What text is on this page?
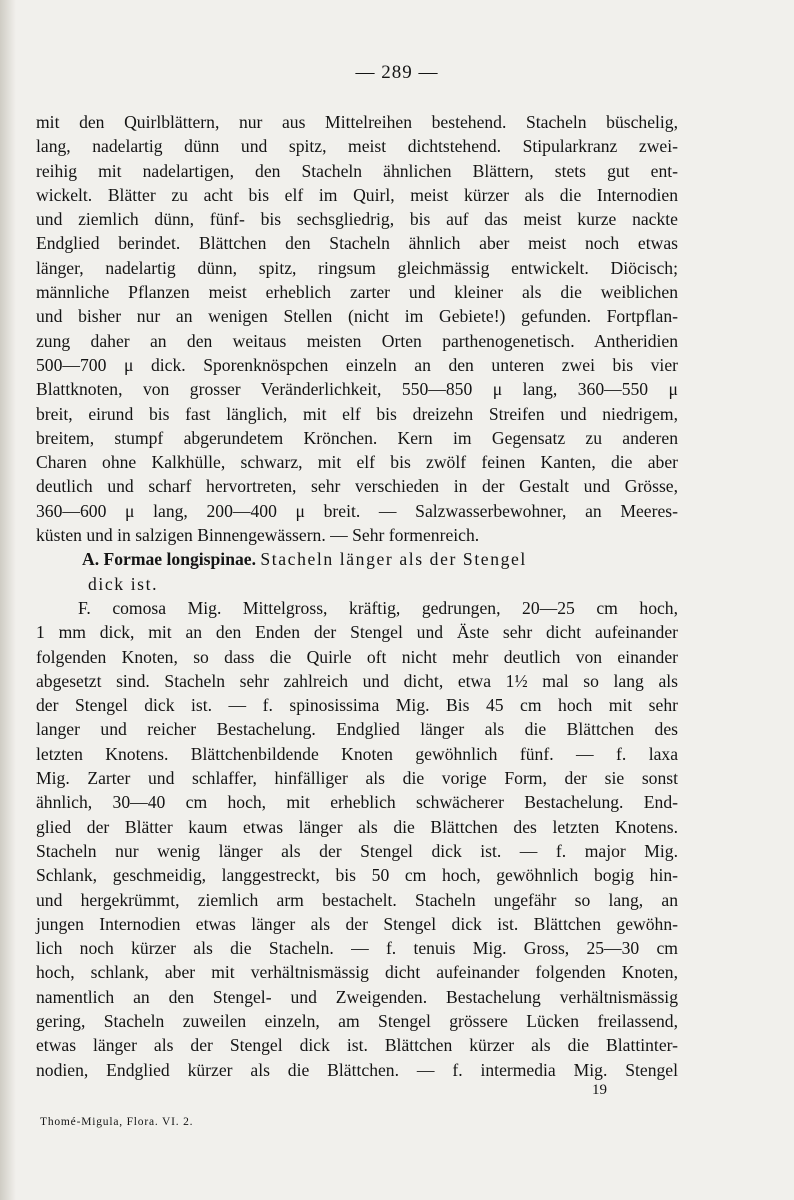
— 289 —
mit den Quirlblättern, nur aus Mittelreihen bestehend. Stacheln büschelig,
lang, nadelartig dünn und spitz, meist dichtstehend. Stipularkranz zwei-
reihig mit nadelartigen, den Stacheln ähnlichen Blättern, stets gut ent-
wickelt. Blätter zu acht bis elf im Quirl, meist kürzer als die Internodien
und ziemlich dünn, fünf- bis sechsgliedrig, bis auf das meist kurze nackte
Endglied berindet. Blättchen den Stacheln ähnlich aber meist noch etwas
länger, nadelartig dünn, spitz, ringsum gleichmässig entwickelt. Diöcisch;
männliche Pflanzen meist erheblich zarter und kleiner als die weiblichen
und bisher nur an wenigen Stellen (nicht im Gebiete!) gefunden. Fortpflan-
zung daher an den weitaus meisten Orten parthenogenetisch. Antheridien
500—700 μ dick. Sporenknöspchen einzeln an den unteren zwei bis vier
Blattknoten, von grosser Veränderlichkeit, 550—850 μ lang, 360—550 μ
breit, eirund bis fast länglich, mit elf bis dreizehn Streifen und niedrigem,
breitem, stumpf abgerundetem Krönchen. Kern im Gegensatz zu anderen
Charen ohne Kalkhülle, schwarz, mit elf bis zwölf feinen Kanten, die aber
deutlich und scharf hervortreten, sehr verschieden in der Gestalt und Grösse,
360—600 μ lang, 200—400 μ breit. — Salzwasserbewohner, an Meeres-
küsten und in salzigen Binnengewässern. — Sehr formenreich.
A. Formae longispinae. Stacheln länger als der Stengel
dick ist.
F. comosa Mig. Mittelgross, kräftig, gedrungen, 20—25 cm hoch,
1 mm dick, mit an den Enden der Stengel und Äste sehr dicht aufeinander
folgenden Knoten, so dass die Quirle oft nicht mehr deutlich von einander
abgesetzt sind. Stacheln sehr zahlreich und dicht, etwa 1½ mal so lang als
der Stengel dick ist. — f. spinosissima Mig. Bis 45 cm hoch mit sehr
langer und reicher Bestachelung. Endglied länger als die Blättchen des
letzten Knotens. Blättchenbildende Knoten gewöhnlich fünf. — f. laxa
Mig. Zarter und schlaffer, hinfälliger als die vorige Form, der sie sonst
ähnlich, 30—40 cm hoch, mit erheblich schwächerer Bestachelung. End-
glied der Blätter kaum etwas länger als die Blättchen des letzten Knotens.
Stacheln nur wenig länger als der Stengel dick ist. — f. major Mig.
Schlank, geschmeidig, langgestreckt, bis 50 cm hoch, gewöhnlich bogig hin-
und hergekrümmt, ziemlich arm bestachelt. Stacheln ungefähr so lang, an
jungen Internodien etwas länger als der Stengel dick ist. Blättchen gewöhn-
lich noch kürzer als die Stacheln. — f. tenuis Mig. Gross, 25—30 cm
hoch, schlank, aber mit verhältnismässig dicht aufeinander folgenden Knoten,
namentlich an den Stengel- und Zweigenden. Bestachelung verhältnismässig
gering, Stacheln zuweilen einzeln, am Stengel grössere Lücken freilassend,
etwas länger als der Stengel dick ist. Blättchen kürzer als die Blattinter-
nodien, Endglied kürzer als die Blättchen. — f. intermedia Mig. Stengel
19
Thomé-Migula, Flora. VI. 2.
